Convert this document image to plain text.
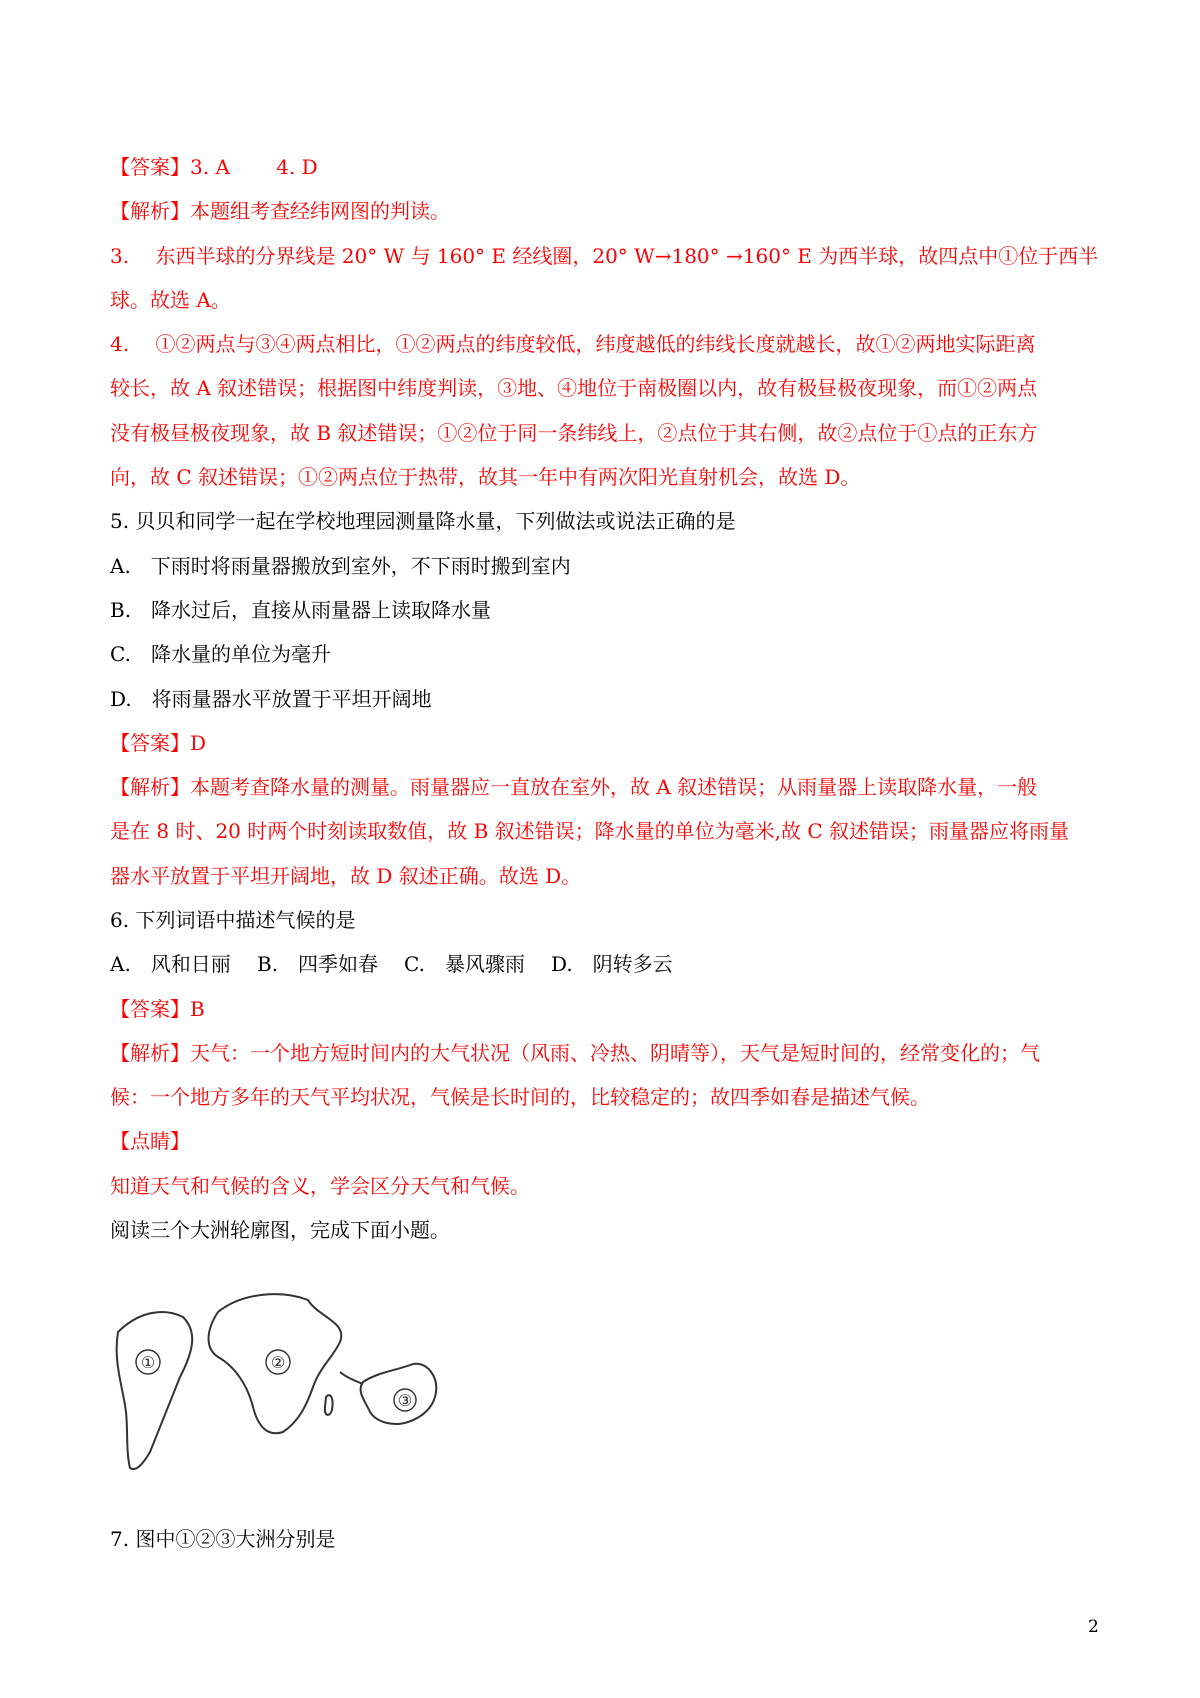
【答案】3. A　　 4. D
【解析】本题组考查经纬网图的判读。
3.　 东西半球的分界线是 20° W 与 160° E 经线圈，20° W→180° →160° E 为西半球，故四点中①位于西半
球。故选 A。
4.　 ①②两点与③④两点相比，①②两点的纬度较低，纬度越低的纬线长度就越长，故①②两地实际距离
较长，故 A 叙述错误；根据图中纬度判读，③地、④地位于南极圈以内，故有极昼极夜现象，而①②两点
没有极昼极夜现象，故 B 叙述错误；①②位于同一条纬线上，②点位于其右侧，故②点位于①点的正东方
向，故 C 叙述错误；①②两点位于热带，故其一年中有两次阳光直射机会，故选 D。
5. 贝贝和同学一起在学校地理园测量降水量，下列做法或说法正确的是
A.　下雨时将雨量器搬放到室外，不下雨时搬到室内
B.　降水过后，直接从雨量器上读取降水量
C.　降水量的单位为毫升
D.　将雨量器水平放置于平坦开阔地
【答案】D
【解析】本题考查降水量的测量。雨量器应一直放在室外，故 A 叙述错误；从雨量器上读取降水量，一般
是在 8 时、20 时两个时刻读取数值，故 B 叙述错误；降水量的单位为毫米,故 C 叙述错误；雨量器应将雨量
器水平放置于平坦开阔地，故 D 叙述正确。故选 D。
6. 下列词语中描述气候的是
A.　风和日丽 B.　四季如春 C.　暴风骤雨 D.　阴转多云
【答案】B
【解析】天气：一个地方短时间内的大气状况（风雨、冷热、阴晴等），天气是短时间的，经常变化的；气
候：一个地方多年的天气平均状况，气候是长时间的，比较稳定的；故四季如春是描述气候。
【点睛】
知道天气和气候的含义，学会区分天气和气候。
阅读三个大洲轮廓图，完成下面小题。
①	②
③
7. 图中①②③大洲分别是
2
